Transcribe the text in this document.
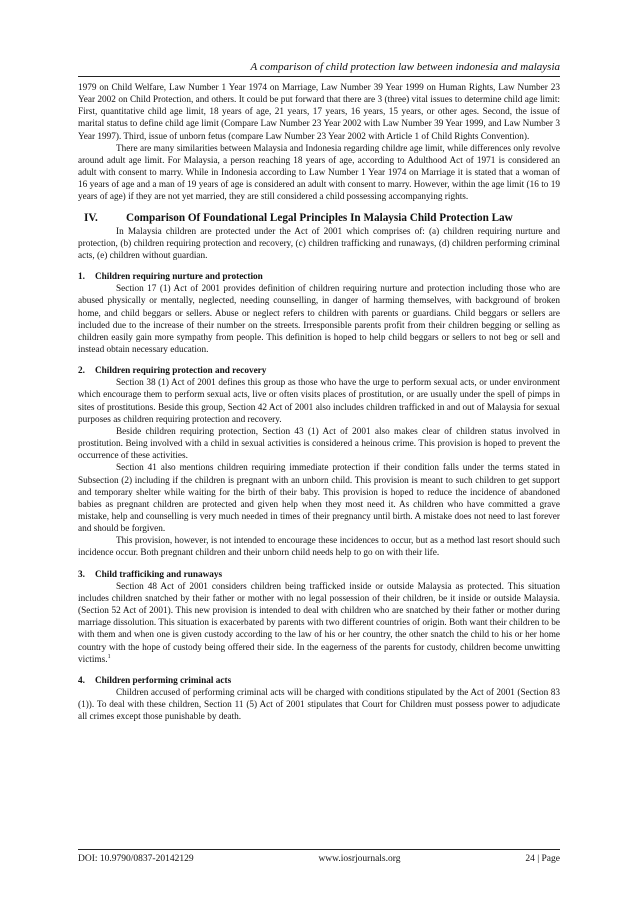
A comparison of child protection law between indonesia and malaysia

1979 on Child Welfare, Law Number 1 Year 1974 on Marriage, Law Number 39 Year 1999 on Human Rights, Law Number 23 Year 2002 on Child Protection, and others. It could be put forward that there are 3 (three) vital issues to determine child age limit: First, quantitative child age limit, 18 years of age, 21 years, 17 years, 16 years, 15 years, or other ages. Second, the issue of marital status to define child age limit (Compare Law Number 23 Year 2002 with Law Number 39 Year 1999, and Law Number 3 Year 1997). Third, issue of unborn fetus (compare Law Number 23 Year 2002 with Article 1 of Child Rights Convention).

There are many similarities between Malaysia and Indonesia regarding childre age limit, while differences only revolve around adult age limit. For Malaysia, a person reaching 18 years of age, according to Adulthood Act of 1971 is considered an adult with consent to marry. While in Indonesia according to Law Number 1 Year 1974 on Marriage it is stated that a woman of 16 years of age and a man of 19 years of age is considered an adult with consent to marry. However, within the age limit (16 to 19 years of age) if they are not yet married, they are still considered a child possessing accompanying rights.

IV.	Comparison Of Foundational Legal Principles In Malaysia Child Protection Law

In Malaysia children are protected under the Act of 2001 which comprises of: (a) children requiring nurture and protection, (b) children requiring protection and recovery, (c) children trafficking and runaways, (d) children performing criminal acts, (e) children without guardian.

1. Children requiring nurture and protection

Section 17 (1) Act of 2001 provides definition of children requiring nurture and protection including those who are abused physically or mentally, neglected, needing counselling, in danger of harming themselves, with background of broken home, and child beggars or sellers. Abuse or neglect refers to children with parents or guardians. Child beggars or sellers are included due to the increase of their number on the streets. Irresponsible parents profit from their children begging or selling as children easily gain more sympathy from people. This definition is hoped to help child beggars or sellers to not beg or sell and instead obtain necessary education.

2. Children requiring protection and recovery

Section 38 (1) Act of 2001 defines this group as those who have the urge to perform sexual acts, or under environment which encourage them to perform sexual acts, live or often visits places of prostitution, or are usually under the spell of pimps in sites of prostitutions. Beside this group, Section 42 Act of 2001 also includes children trafficked in and out of Malaysia for sexual purposes as children requiring protection and recovery.

Beside children requiring protection, Section 43 (1) Act of 2001 also makes clear of children status involved in prostitution. Being involved with a child in sexual activities is considered a heinous crime. This provision is hoped to prevent the occurrence of these activities.

Section 41 also mentions children requiring immediate protection if their condition falls under the terms stated in Subsection (2) including if the children is pregnant with an unborn child. This provision is meant to such children to get support and temporary shelter while waiting for the birth of their baby. This provision is hoped to reduce the incidence of abandoned babies as pregnant children are protected and given help when they most need it. As children who have committed a grave mistake, help and counselling is very much needed in times of their pregnancy until birth. A mistake does not need to last forever and should be forgiven.

This provision, however, is not intended to encourage these incidences to occur, but as a method last resort should such incidence occur. Both pregnant children and their unborn child needs help to go on with their life.

3. Child trafficiking and runaways

Section 48 Act of 2001 considers children being trafficked inside or outside Malaysia as protected. This situation includes children snatched by their father or mother with no legal possession of their children, be it inside or outside Malaysia. (Section 52 Act of 2001). This new provision is intended to deal with children who are snatched by their father or mother during marriage dissolution. This situation is exacerbated by parents with two different countries of origin. Both want their children to be with them and when one is given custody according to the law of his or her country, the other snatch the child to his or her home country with the hope of custody being offered their side. In the eagerness of the parents for custody, children become unwitting victims.$^1$

4. Children performing criminal acts

Children accused of performing criminal acts will be charged with conditions stipulated by the Act of 2001 (Section 83 (1)). To deal with these children, Section 11 (5) Act of 2001 stipulates that Court for Children must possess power to adjudicate all crimes except those punishable by death.

DOI: 10.9790/0837-20142129	www.iosrjournals.org	24 | Page
